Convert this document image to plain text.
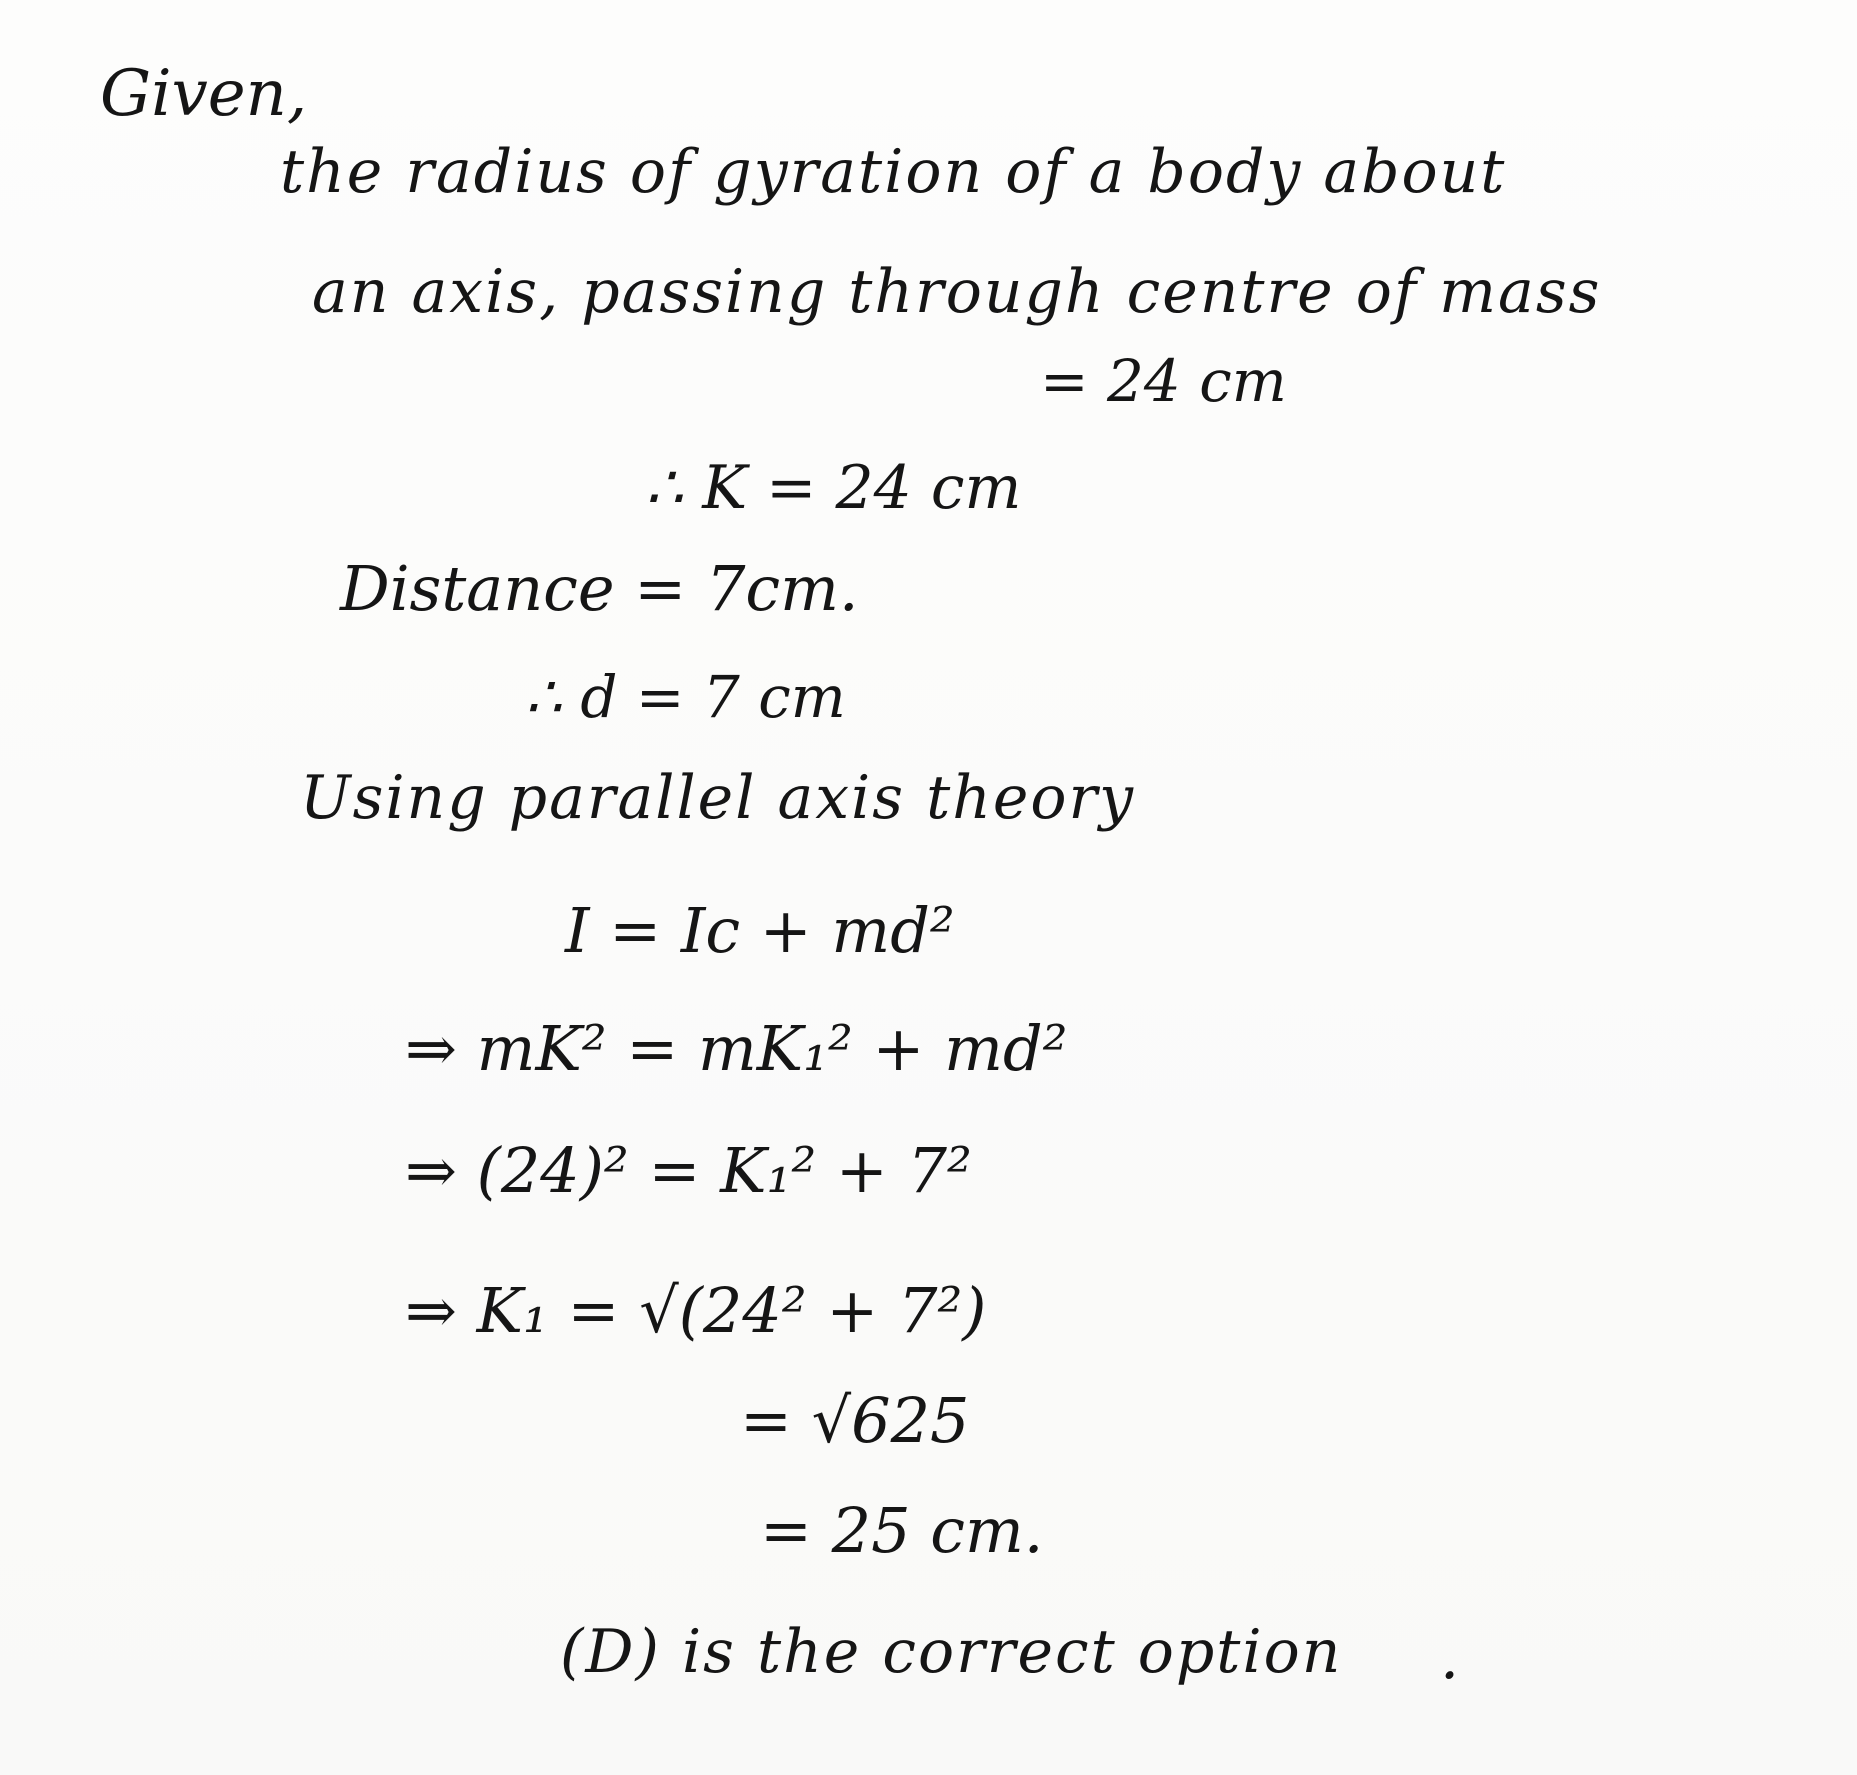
Given,
the radius of gyration of a body about
an axis, passing through centre of mass
= 24 cm
∴ K = 24 cm
Distance = 7cm.
∴ d = 7 cm
Using parallel axis theory
I = Ic + md²
⇒ mK² = mK₁² + md²
⇒ (24)² = K₁² + 7²
⇒ K₁ = √(24² + 7²)
= √625
= 25 cm.
(D) is the correct option .
